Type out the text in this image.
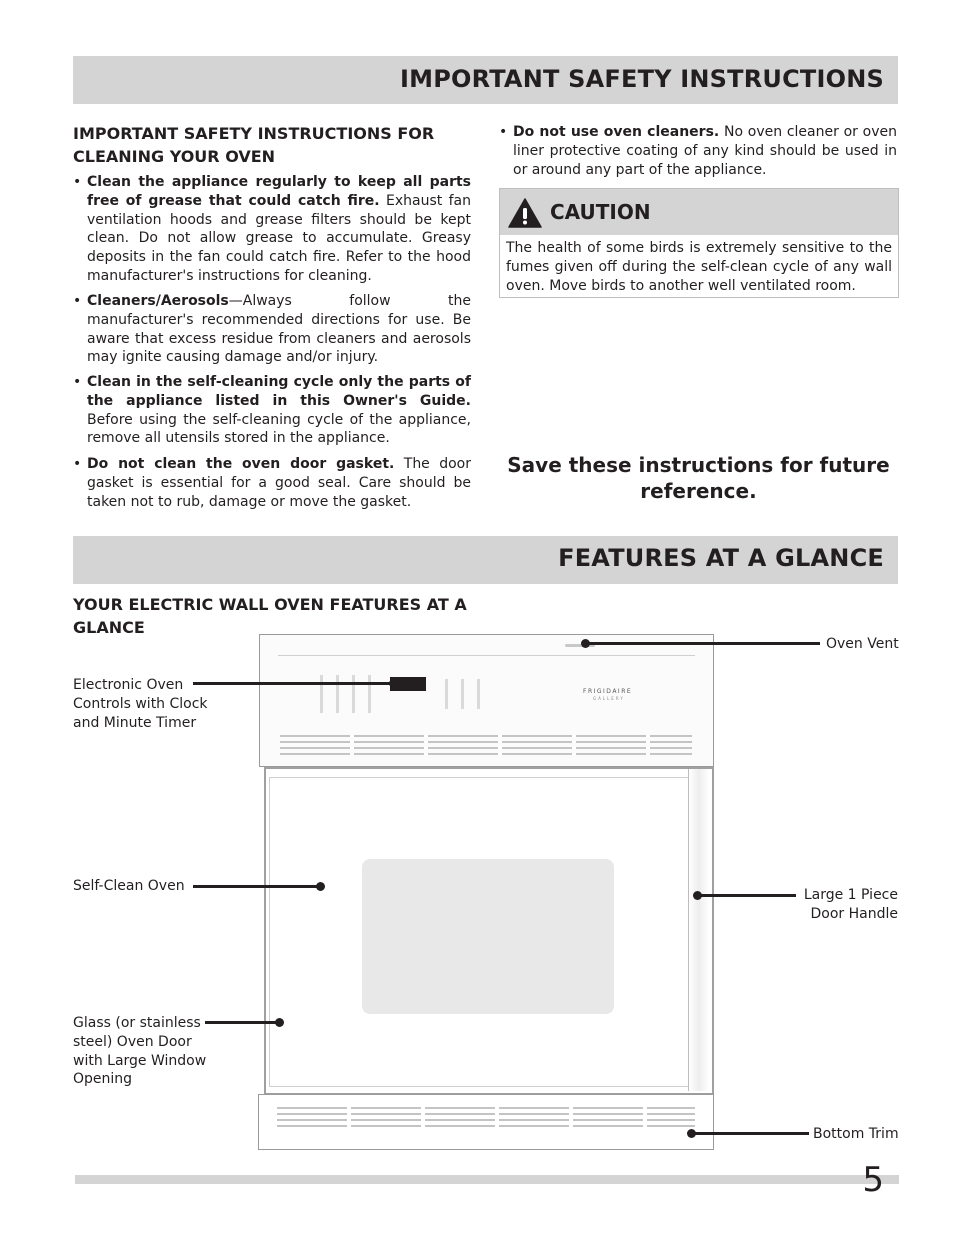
IMPORTANT SAFETY INSTRUCTIONS

IMPORTANT SAFETY INSTRUCTIONS FOR CLEANING YOUR OVEN

• Clean the appliance regularly to keep all parts free of grease that could catch fire. Exhaust fan ventilation hoods and grease filters should be kept clean. Do not allow grease to accumulate. Greasy deposits in the fan could catch fire. Refer to the hood manufacturer's instructions for cleaning.
• Cleaners/Aerosols—Always follow the manufacturer's recommended directions for use. Be aware that excess residue from cleaners and aerosols may ignite causing damage and/or injury.
• Clean in the self-cleaning cycle only the parts of the appliance listed in this Owner's Guide. Before using the self-cleaning cycle of the appliance, remove all utensils stored in the appliance.
• Do not clean the oven door gasket. The door gasket is essential for a good seal. Care should be taken not to rub, damage or move the gasket.
• Do not use oven cleaners. No oven cleaner or oven liner protective coating of any kind should be used in or around any part of the appliance.
CAUTION
The health of some birds is extremely sensitive to the fumes given off during the self-clean cycle of any wall oven. Move birds to another well ventilated room.
Save these instructions for future reference.
FEATURES AT A GLANCE

YOUR ELECTRIC WALL OVEN FEATURES AT A GLANCE

FRIGIDAIRE
GALLERY
Electronic Oven Controls with Clock and Minute Timer
Self-Clean Oven
Glass (or stainless steel) Oven Door with Large Window Opening
Oven Vent
Large 1 Piece Door Handle
Bottom Trim
5
